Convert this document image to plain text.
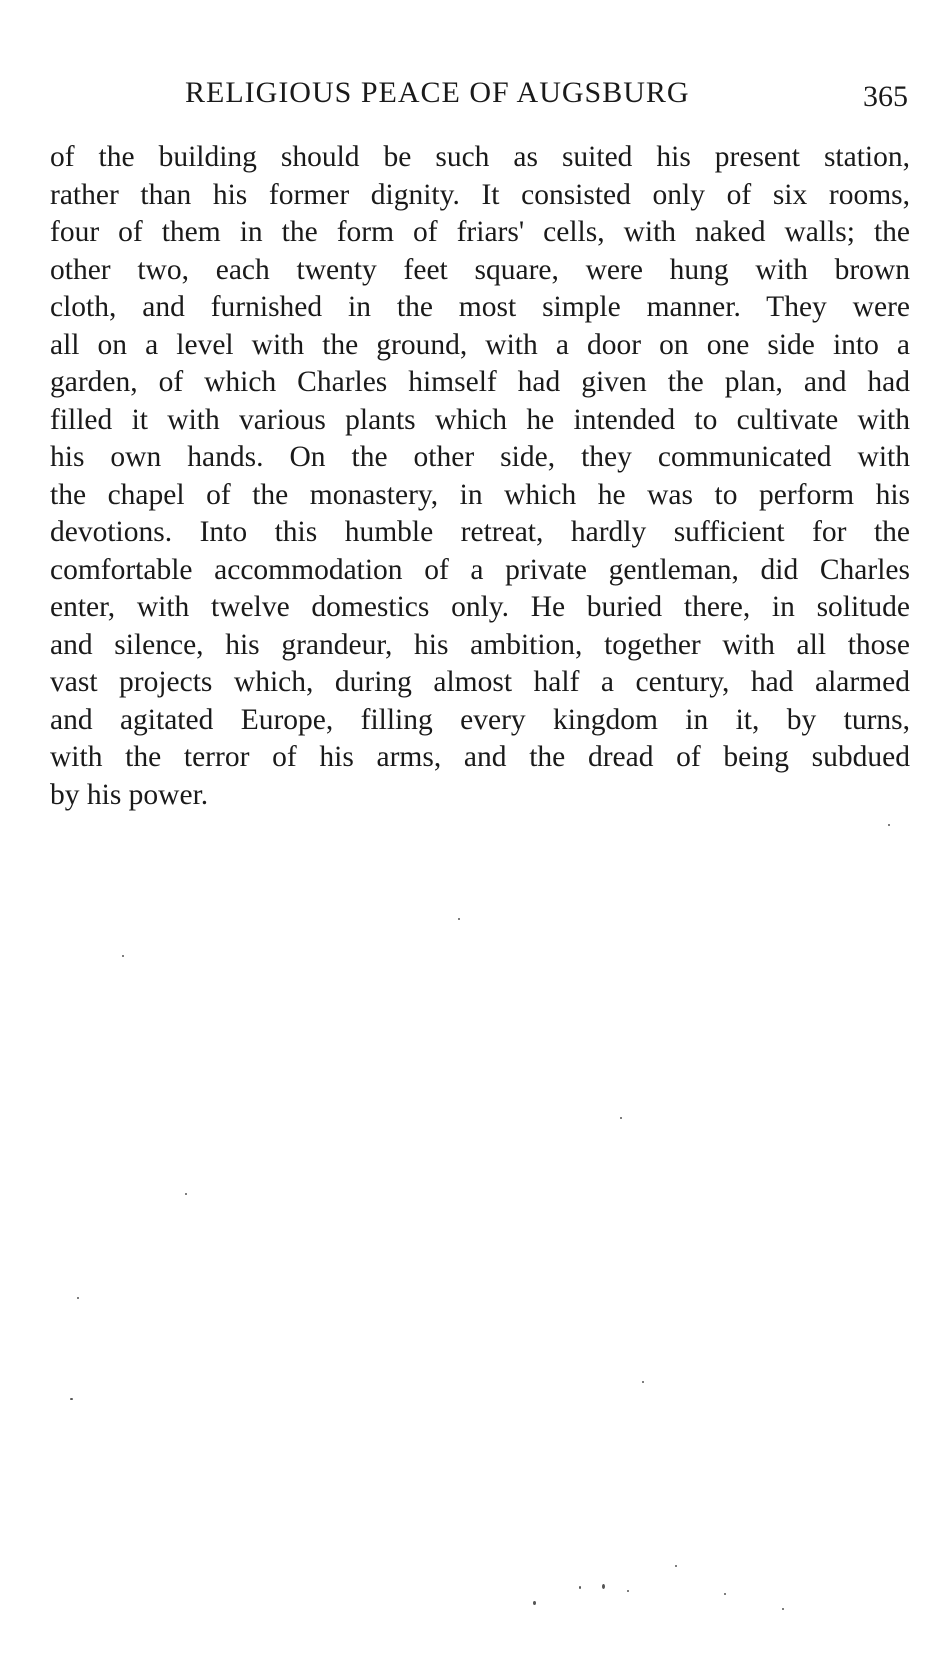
RELIGIOUS PEACE OF AUGSBURG	365
of the building should be such as suited his present station,
rather than his former dignity. It consisted only of six rooms,
four of them in the form of friars' cells, with naked walls; the
other two, each twenty feet square, were hung with brown
cloth, and furnished in the most simple manner. They were
all on a level with the ground, with a door on one side into a
garden, of which Charles himself had given the plan, and had
filled it with various plants which he intended to cultivate with
his own hands. On the other side, they communicated with
the chapel of the monastery, in which he was to perform his
devotions. Into this humble retreat, hardly sufficient for the
comfortable accommodation of a private gentleman, did Charles
enter, with twelve domestics only. He buried there, in solitude
and silence, his grandeur, his ambition, together with all those
vast projects which, during almost half a century, had alarmed
and agitated Europe, filling every kingdom in it, by turns,
with the terror of his arms, and the dread of being subdued
by his power.
